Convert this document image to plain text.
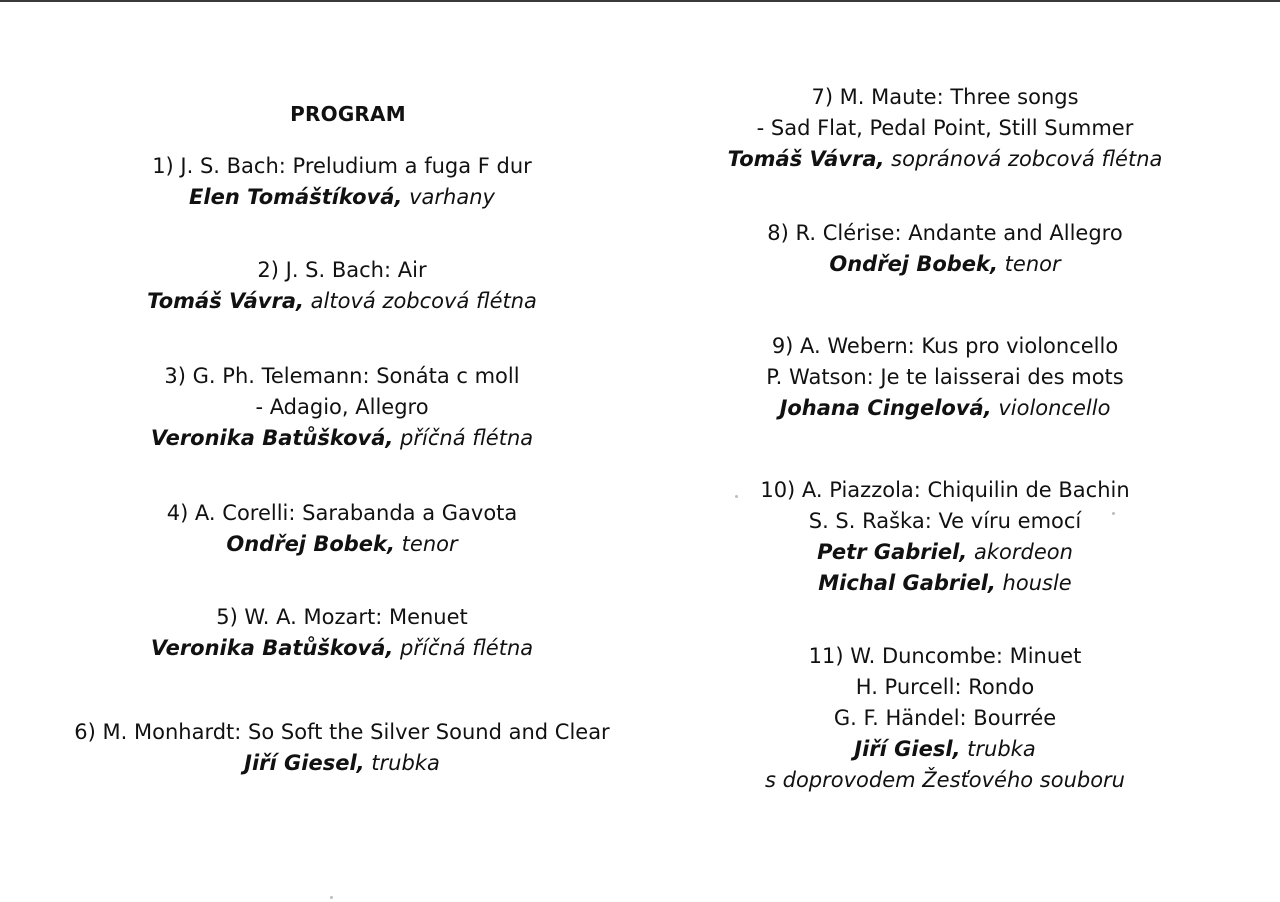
PROGRAM
1) J. S. Bach: Preludium a fuga F dur
Elen Tomáštíková, varhany
2) J. S. Bach: Air
Tomáš Vávra, altová zobcová flétna
3) G. Ph. Telemann: Sonáta c moll
- Adagio, Allegro
Veronika Batůšková, příčná flétna
4) A. Corelli: Sarabanda a Gavota
Ondřej Bobek, tenor
5) W. A. Mozart: Menuet
Veronika Batůšková, příčná flétna
6) M. Monhardt: So Soft the Silver Sound and Clear
Jiří Giesel, trubka
7) M. Maute: Three songs
- Sad Flat, Pedal Point, Still Summer
Tomáš Vávra, sopránová zobcová flétna
8) R. Clérise: Andante and Allegro
Ondřej Bobek, tenor
9) A. Webern: Kus pro violoncello
P. Watson: Je te laisserai des mots
Johana Cingelová, violoncello
10) A. Piazzola: Chiquilin de Bachin
S. S. Raška: Ve víru emocí
Petr Gabriel, akordeon
Michal Gabriel, housle
11) W. Duncombe: Minuet
H. Purcell: Rondo
G. F. Händel: Bourrée
Jiří Giesl, trubka
s doprovodem Žesťového souboru
